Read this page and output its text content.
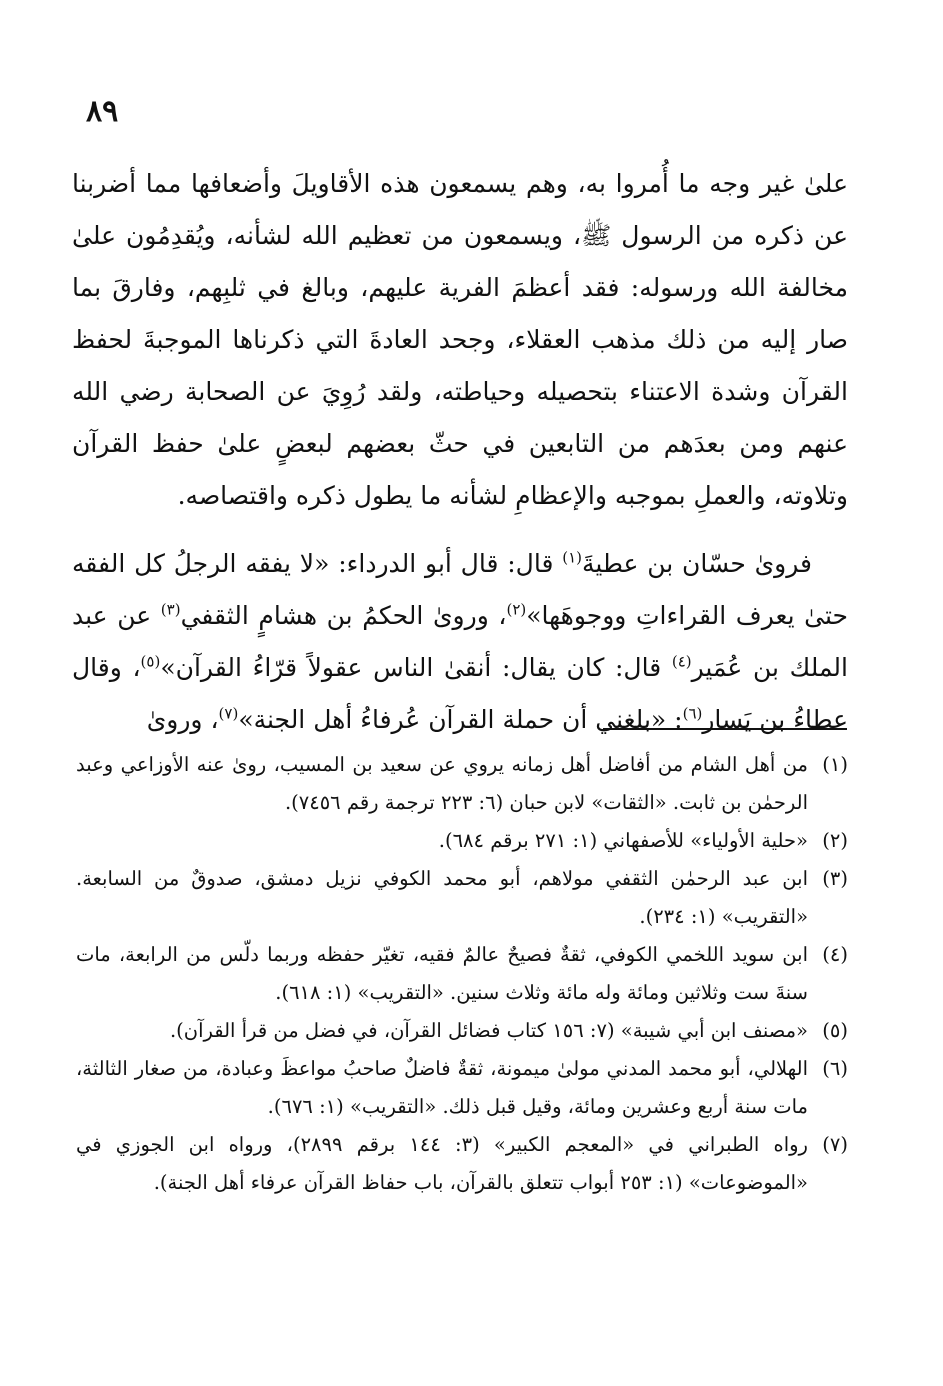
٨٩

علىٰ غير وجه ما أُمروا به، وهم يسمعون هذه الأقاويلَ وأضعافها مما أضربنا عن ذكره من الرسول ﷺ، ويسمعون من تعظيم الله لشأنه، ويُقدِمُون علىٰ مخالفة الله ورسوله: فقد أعظمَ الفرية عليهم، وبالغ في ثلبِهم، وفارقَ بما صار إليه من ذلك مذهب العقلاء، وجحد العادةَ التي ذكرناها الموجبةَ لحفظ القرآن وشدة الاعتناء بتحصيله وحياطته، ولقد رُوِيَ عن الصحابة رضي الله عنهم ومن بعدَهم من التابعين في حثّ بعضهم لبعضٍ علىٰ حفظ القرآن وتلاوته، والعملِ بموجبه والإعظامِ لشأنه ما يطول ذكره واقتصاصه.

فروىٰ حسّان بن عطيةَ$^{(١)}$ قال: قال أبو الدرداء: «لا يفقه الرجلُ كل الفقه حتىٰ يعرف القراءاتِ ووجوهَها»$^{(٢)}$، وروىٰ الحكمُ بن هشامٍ الثقفي$^{(٣)}$ عن عبد الملك بن عُمَير$^{(٤)}$ قال: كان يقال: أنقىٰ الناس عقولاً قرّاءُ القرآن»$^{(٥)}$، وقال عطاءُ بن يَسار$^{(٦)}$: «بلغني أن حملة القرآن عُرفاءُ أهل الجنة»$^{(٧)}$، وروىٰ

(١)
من أهل الشام من أفاضل أهل زمانه يروي عن سعيد بن المسيب، روىٰ عنه الأوزاعي وعبد الرحمٰن بن ثابت. «الثقات» لابن حبان (٦: ٢٢٣ ترجمة رقم ٧٤٥٦).

(٢)
«حلية الأولياء» للأصفهاني (١: ٢٧١ برقم ٦٨٤).

(٣)
ابن عبد الرحمٰن الثقفي مولاهم، أبو محمد الكوفي نزيل دمشق، صدوقٌ من السابعة. «التقريب» (١: ٢٣٤).

(٤)
ابن سويد اللخمي الكوفي، ثقةٌ فصيحٌ عالمٌ فقيه، تغيّر حفظه وربما دلّس من الرابعة، مات سنةَ ست وثلاثين ومائة وله مائة وثلاث سنين. «التقريب» (١: ٦١٨).

(٥)
«مصنف ابن أبي شيبة» (٧: ١٥٦ كتاب فضائل القرآن، في فضل من قرأ القرآن).

(٦)
الهلالي، أبو محمد المدني مولىٰ ميمونة، ثقةٌ فاضلٌ صاحبُ مواعظَ وعبادة، من صغار الثالثة، مات سنة أربع وعشرين ومائة، وقيل قبل ذلك. «التقريب» (١: ٦٧٦).

(٧)
رواه الطبراني في «المعجم الكبير» (٣: ١٤٤ برقم ٢٨٩٩)، ورواه ابن الجوزي في «الموضوعات» (١: ٢٥٣ أبواب تتعلق بالقرآن، باب حفاظ القرآن عرفاء أهل الجنة).
